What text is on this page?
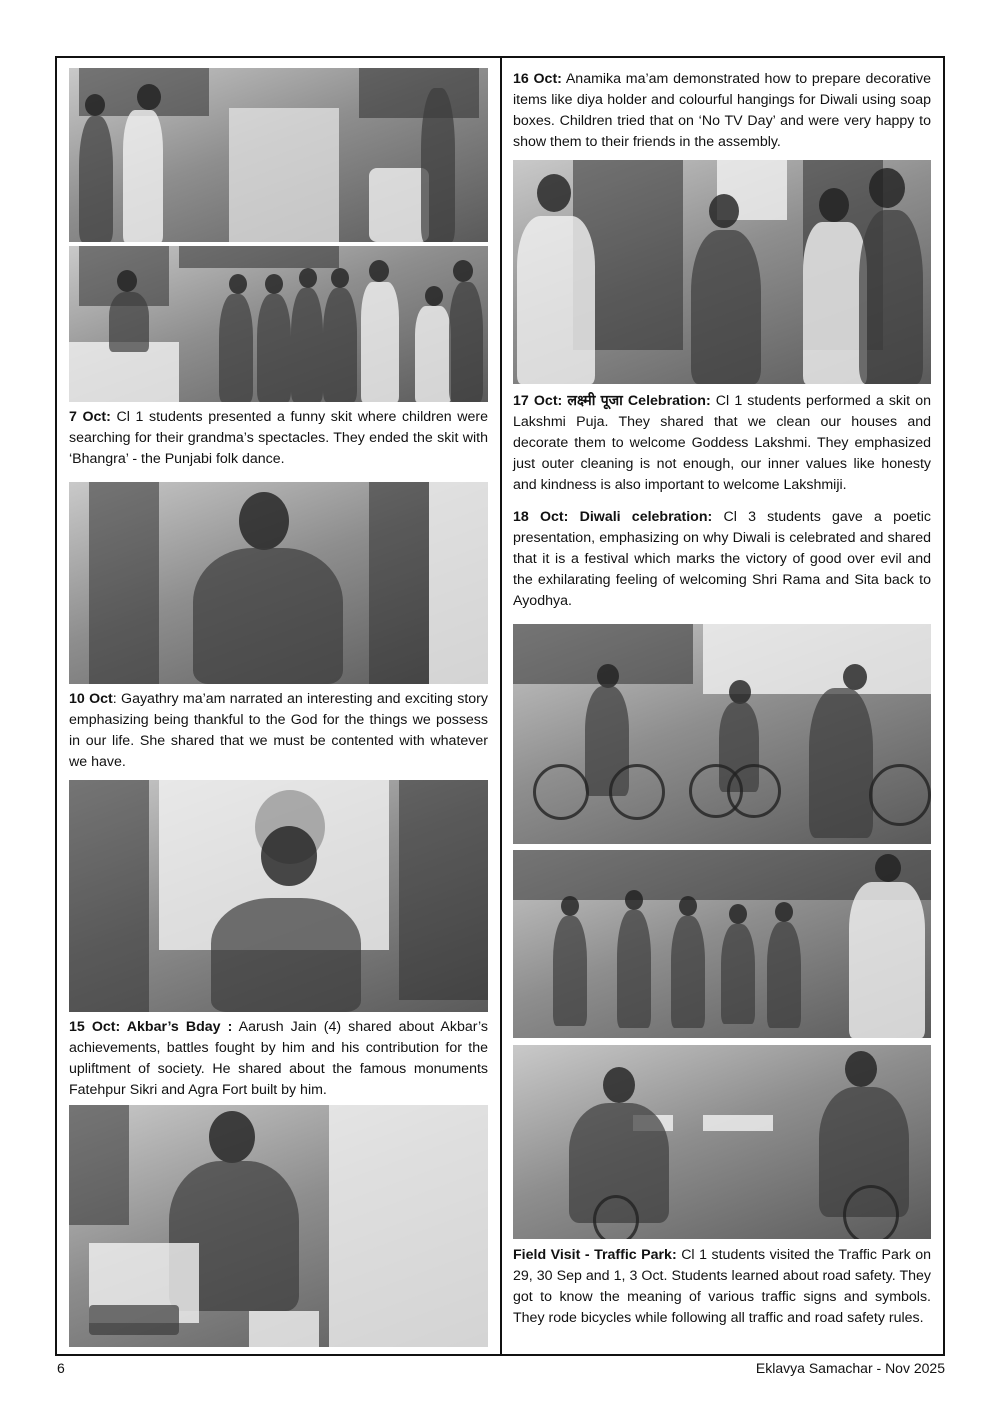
7 Oct: Cl 1 students presented a funny skit where children were searching for their grandma’s spectacles. They ended the skit with ‘Bhangra’ - the Punjabi folk dance.

10 Oct: Gayathry ma’am narrated an interesting and exciting story emphasizing being thankful to the God for the things we possess in our life. She shared that we must be contented with whatever we have.

15 Oct: Akbar’s Bday : Aarush Jain (4) shared about Akbar’s achievements, battles fought by him and his contribution for the upliftment of society. He shared about the famous monuments Fatehpur Sikri and Agra Fort built by him.

16 Oct: Anamika ma’am demonstrated how to prepare decorative items like diya holder and colourful hangings for Diwali using soap boxes. Children tried that on ‘No TV Day’ and were very happy to show them to their friends in the assembly.

17 Oct: लक्ष्मी पूजा Celebration: Cl 1 students performed a skit on Lakshmi Puja. They shared that we clean our houses and decorate them to welcome Goddess Lakshmi. They emphasized just outer cleaning is not enough, our inner values like honesty and kindness is also important to welcome Lakshmiji.

18 Oct: Diwali celebration: Cl 3 students gave a poetic presentation, emphasizing on why Diwali is celebrated and shared that it is a festival which marks the victory of good over evil and the exhilarating feeling of welcoming Shri Rama and Sita back to Ayodhya.

Field Visit - Traffic Park: Cl 1 students visited the Traffic Park on 29, 30 Sep and 1, 3 Oct. Students learned about road safety. They got to know the meaning of various traffic signs and symbols. They rode bicycles while following all traffic and road safety rules.

6	Eklavya Samachar - Nov 2025
